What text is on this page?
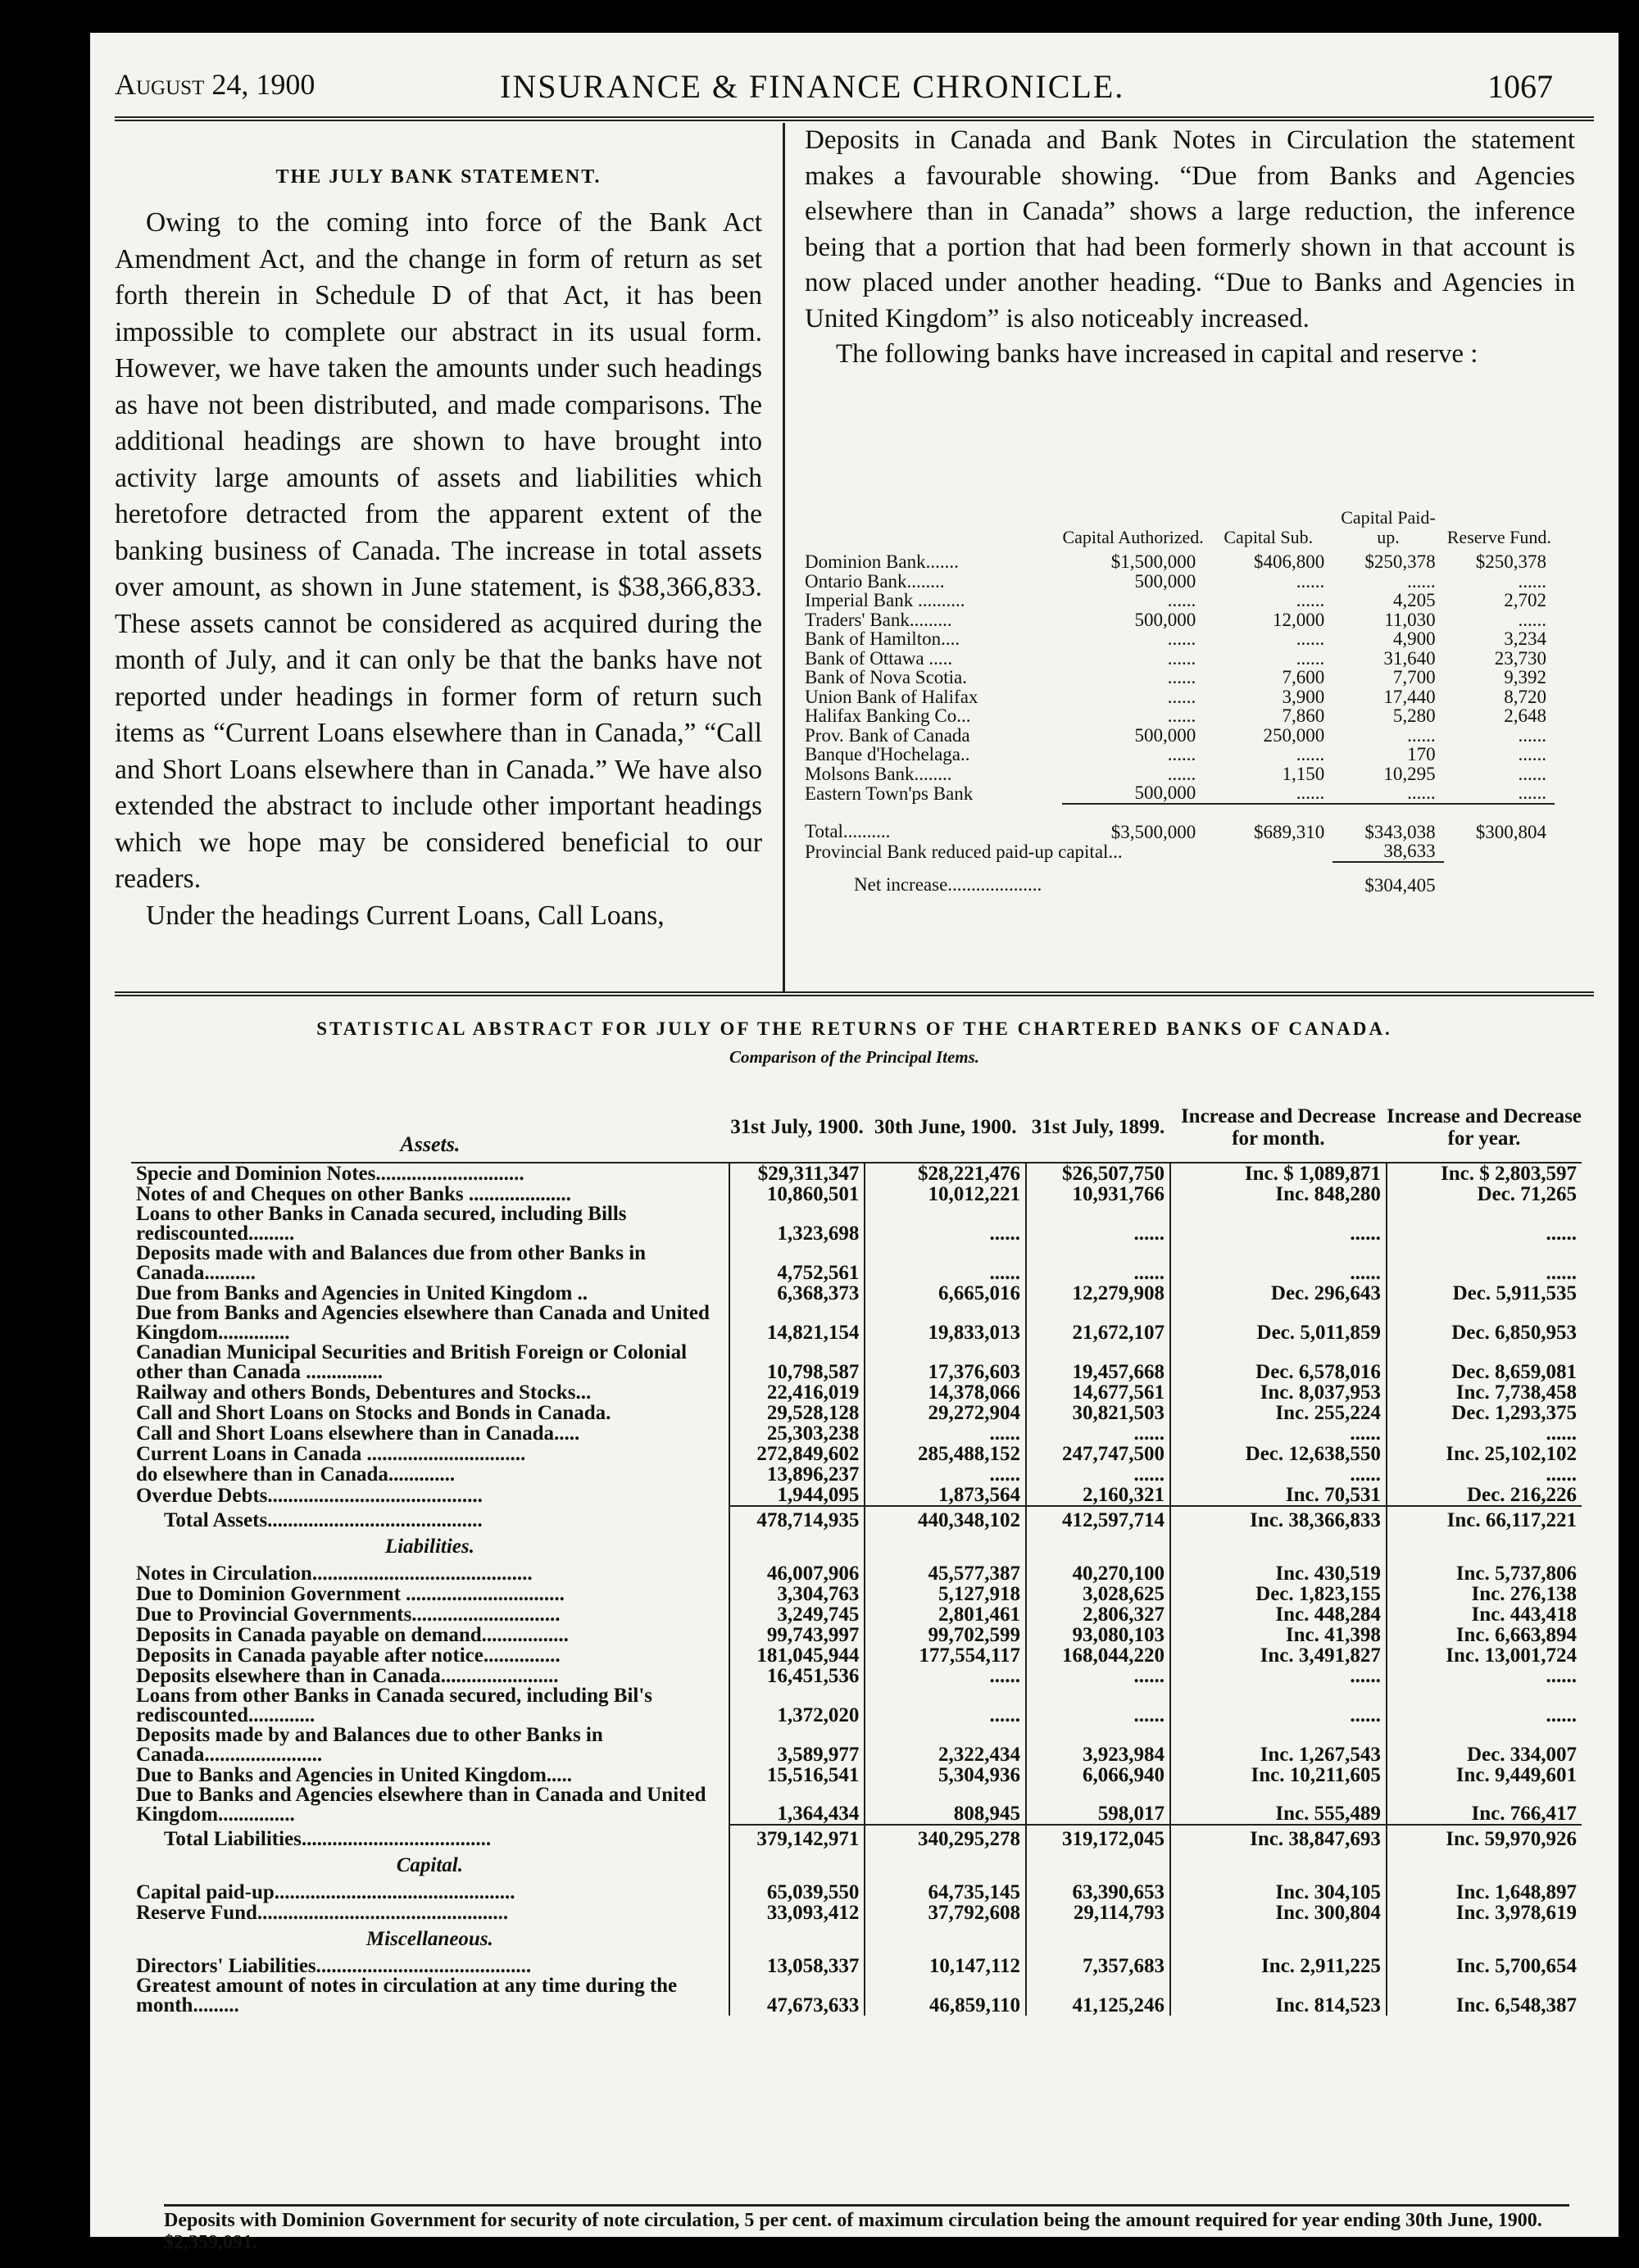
August 24, 1900	INSURANCE & FINANCE CHRONICLE.	1067
THE JULY BANK STATEMENT.

Owing to the coming into force of the Bank Act Amendment Act, and the change in form of return as set forth therein in Schedule D of that Act, it has been impossible to complete our abstract in its usual form. However, we have taken the amounts under such headings as have not been distributed, and made comparisons. The additional headings are shown to have brought into activity large amounts of assets and liabilities which heretofore detracted from the apparent extent of the banking business of Canada. The increase in total assets over amount, as shown in June statement, is $38,366,833. These assets cannot be considered as acquired during the month of July, and it can only be that the banks have not reported under headings in former form of return such items as “Current Loans elsewhere than in Canada,” “Call and Short Loans elsewhere than in Canada.” We have also extended the abstract to include other important headings which we hope may be considered beneficial to our readers.

Under the headings Current Loans, Call Loans,

Deposits in Canada and Bank Notes in Circulation the statement makes a favourable showing. “Due from Banks and Agencies elsewhere than in Canada” shows a large reduction, the inference being that a portion that had been formerly shown in that account is now placed under another heading. “Due to Banks and Agencies in United Kingdom” is also noticeably increased.

The following banks have increased in capital and reserve :

	Capital Authorized.	Capital Sub.	Capital Paid-up.	Reserve Fund.
Dominion Bank.......	$1,500,000	$406,800	$250,378	$250,378
Ontario Bank........	500,000	......	......	......
Imperial Bank ..........	......	......	4,205	2,702
Traders' Bank.........	500,000	12,000	11,030	......
Bank of Hamilton....	......	......	4,900	3,234
Bank of Ottawa .....	......	......	31,640	23,730
Bank of Nova Scotia.	......	7,600	7,700	9,392
Union Bank of Halifax	......	3,900	17,440	8,720
Halifax Banking Co...	......	7,860	5,280	2,648
Prov. Bank of Canada	500,000	250,000	......	......
Banque d'Hochelaga..	......	......	170	......
Molsons Bank........	......	1,150	10,295	......
Eastern Town'ps Bank	500,000	......	......	......
Total..........	$3,500,000	$689,310	$343,038	$300,804
Provincial Bank reduced paid-up capital...			38,633	
Net increase....................			$304,405	
STATISTICAL ABSTRACT FOR JULY OF THE RETURNS OF THE CHARTERED BANKS OF CANADA.
Comparison of the Principal Items.
Assets.	31st July, 1900.	30th June, 1900.	31st July, 1899.	Increase and Decrease for month.	Increase and Decrease for year.
Specie and Dominion Notes.............................	$29,311,347	$28,221,476	$26,507,750	Inc. $ 1,089,871	Inc. $ 2,803,597
Notes of and Cheques on other Banks ....................	10,860,501	10,012,221	10,931,766	Inc. 848,280	Dec. 71,265
Loans to other Banks in Canada secured, including Bills rediscounted.........	1,323,698	......	......	......	......
Deposits made with and Balances due from other Banks in Canada..........	4,752,561	......	......	......	......
Due from Banks and Agencies in United Kingdom ..	6,368,373	6,665,016	12,279,908	Dec. 296,643	Dec. 5,911,535
Due from Banks and Agencies elsewhere than Canada and United Kingdom..............	14,821,154	19,833,013	21,672,107	Dec. 5,011,859	Dec. 6,850,953
Canadian Municipal Securities and British Foreign or Colonial other than Canada ...............	10,798,587	17,376,603	19,457,668	Dec. 6,578,016	Dec. 8,659,081
Railway and others Bonds, Debentures and Stocks...	22,416,019	14,378,066	14,677,561	Inc. 8,037,953	Inc. 7,738,458
Call and Short Loans on Stocks and Bonds in Canada.	29,528,128	29,272,904	30,821,503	Inc. 255,224	Dec. 1,293,375
Call and Short Loans elsewhere than in Canada.....	25,303,238	......	......	......	......
Current Loans in Canada ...............................	272,849,602	285,488,152	247,747,500	Dec. 12,638,550	Inc. 25,102,102
do elsewhere than in Canada.............	13,896,237	......	......	......	......
Overdue Debts..........................................	1,944,095	1,873,564	2,160,321	Inc. 70,531	Dec. 216,226
Total Assets..........................................	478,714,935	440,348,102	412,597,714	Inc. 38,366,833	Inc. 66,117,221
Liabilities.					
Notes in Circulation...........................................	46,007,906	45,577,387	40,270,100	Inc. 430,519	Inc. 5,737,806
Due to Dominion Government ...............................	3,304,763	5,127,918	3,028,625	Dec. 1,823,155	Inc. 276,138
Due to Provincial Governments.............................	3,249,745	2,801,461	2,806,327	Inc. 448,284	Inc. 443,418
Deposits in Canada payable on demand.................	99,743,997	99,702,599	93,080,103	Inc. 41,398	Inc. 6,663,894
Deposits in Canada payable after notice...............	181,045,944	177,554,117	168,044,220	Inc. 3,491,827	Inc. 13,001,724
Deposits elsewhere than in Canada.......................	16,451,536	......	......	......	......
Loans from other Banks in Canada secured, including Bil's rediscounted.............	1,372,020	......	......	......	......
Deposits made by and Balances due to other Banks in Canada.......................	3,589,977	2,322,434	3,923,984	Inc. 1,267,543	Dec. 334,007
Due to Banks and Agencies in United Kingdom.....	15,516,541	5,304,936	6,066,940	Inc. 10,211,605	Inc. 9,449,601
Due to Banks and Agencies elsewhere than in Canada and United Kingdom...............	1,364,434	808,945	598,017	Inc. 555,489	Inc. 766,417
Total Liabilities.....................................	379,142,971	340,295,278	319,172,045	Inc. 38,847,693	Inc. 59,970,926
Capital.					
Capital paid-up...............................................	65,039,550	64,735,145	63,390,653	Inc. 304,105	Inc. 1,648,897
Reserve Fund.................................................	33,093,412	37,792,608	29,114,793	Inc. 300,804	Inc. 3,978,619
Miscellaneous.					
Directors' Liabilities..........................................	13,058,337	10,147,112	7,357,683	Inc. 2,911,225	Inc. 5,700,654
Greatest amount of notes in circulation at any time during the month.........	47,673,633	46,859,110	41,125,246	Inc. 814,523	Inc. 6,548,387
Deposits with Dominion Government for security of note circulation, 5 per cent. of maximum circulation being the amount required for year ending 30th June, 1900. $2,359,091.
